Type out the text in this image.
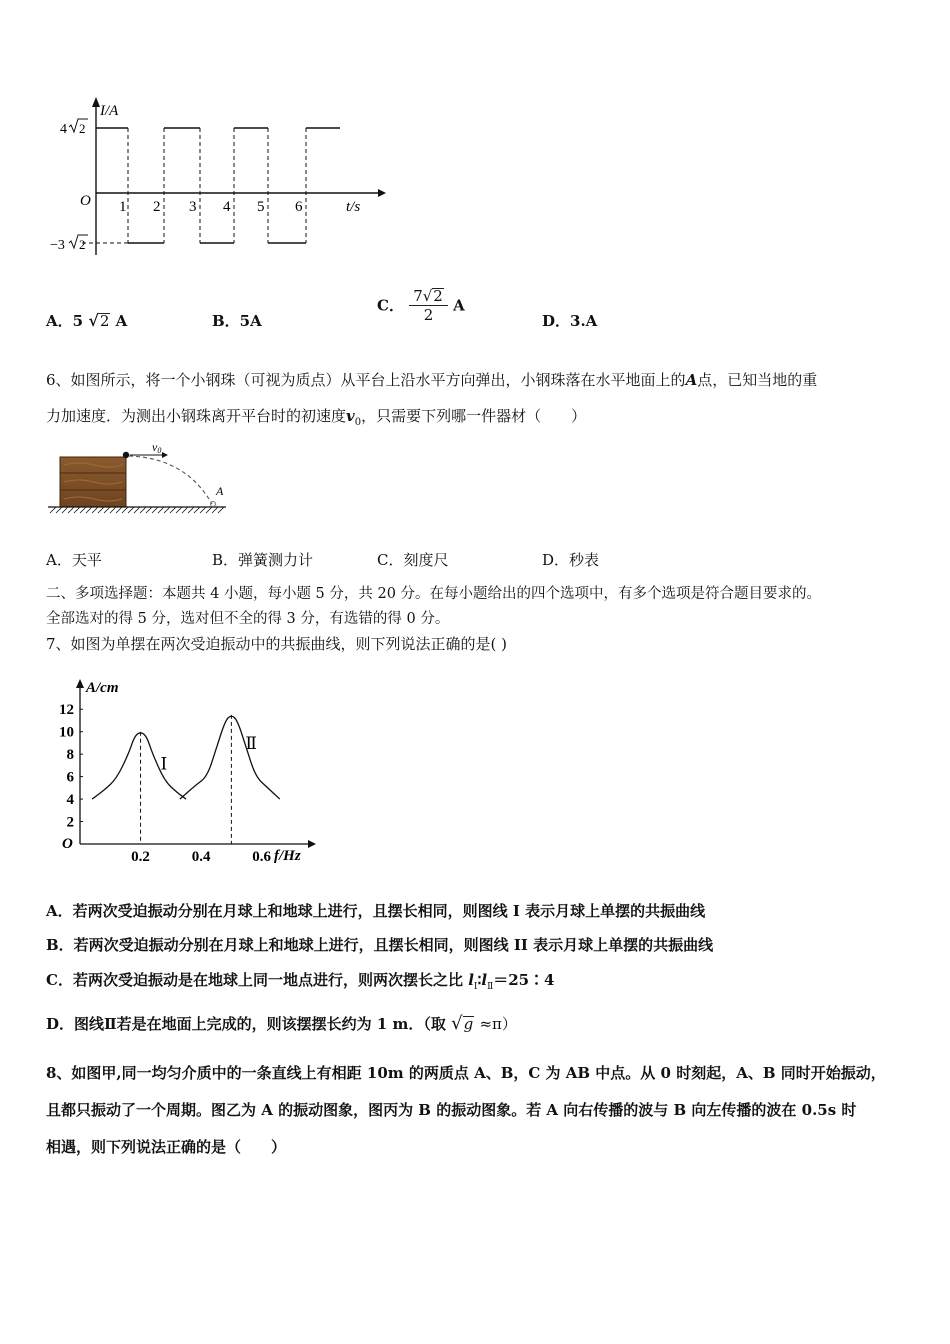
I/A
t/s
O
4 2
−3 2
1 2 3 4 5 6
A．5 √2 A	B．5A
C． $\frac{7√2}{2}$ A
D．3.A
6、如图所示，将一个小钢珠（可视为质点）从平台上沿水平方向弹出，小钢珠落在水平地面上的A点，已知当地的重
力加速度．为测出小钢珠离开平台时的初速度$v_0$，只需要下列哪一件器材（　　）
v0
A
A．天平	B．弹簧测力计	C．刻度尺	D．秒表
二、多项选择题：本题共 4 小题，每小题 5 分，共 20 分。在每小题给出的四个选项中，有多个选项是符合题目要求的。
全部选对的得 5 分，选对但不全的得 3 分，有选错的得 0 分。
7、如图为单摆在两次受迫振动中的共振曲线，则下列说法正确的是( )
A/cm
f/Hz
O
2
4
6
8
10
12
0.2	0.4	0.6
Ⅰ
Ⅱ
A．若两次受迫振动分别在月球上和地球上进行，且摆长相同，则图线 I 表示月球上单摆的共振曲线
B．若两次受迫振动分别在月球上和地球上进行，且摆长相同，则图线 II 表示月球上单摆的共振曲线
C．若两次受迫振动是在地球上同一地点进行，则两次摆长之比 $l_Ⅰ∶l_Ⅱ=25∶4$
D．图线Ⅱ若是在地面上完成的，则该摆摆长约为 1 m．（取 √g ≈π）
8、如图甲,同一均匀介质中的一条直线上有相距 10m 的两质点 A、B，C 为 AB 中点。从 0 时刻起，A、B 同时开始振动，
且都只振动了一个周期。图乙为 A 的振动图象，图丙为 B 的振动图象。若 A 向右传播的波与 B 向左传播的波在 0.5s 时
相遇，则下列说法正确的是（　　）
